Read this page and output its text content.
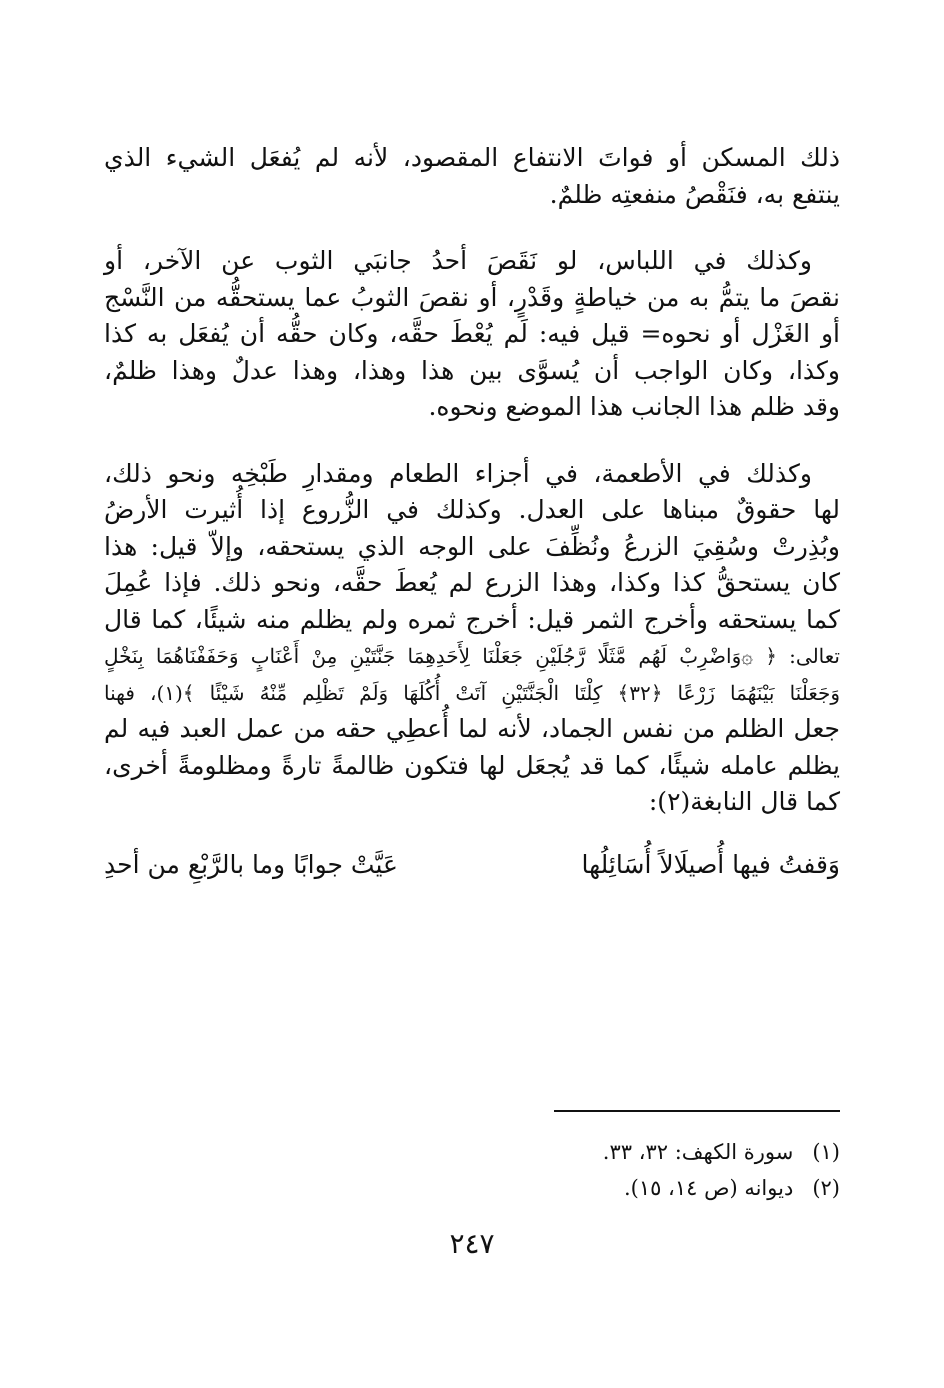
ذلك المسكن أو فواتَ الانتفاع المقصود، لأنه لم يُفعَل الشيء الذي
ينتفع به، فنَقْصُ منفعتِه ظلمٌ.

وكذلك في اللباس، لو نَقَصَ أحدُ جانبَي الثوب عن الآخر، أو
نقصَ ما يتمُّ به من خياطةٍ وقَدْرٍ، أو نقصَ الثوبُ عما يستحقُّه من النَّسْج
أو الغَزْل أو نحوه= قيل فيه: لَم يُعْطَ حقَّه، وكان حقُّه أن يُفعَل به كذا
وكذا، وكان الواجب أن يُسوَّى بين هذا وهذا، وهذا عدلٌ وهذا ظلمٌ،
وقد ظلم هذا الجانب هذا الموضع ونحوه.

وكذلك في الأطعمة، في أجزاء الطعام ومقدارِ طَبْخِه ونحو ذلك،
لها حقوقٌ مبناها على العدل. وكذلك في الزُّروع إذا أُثيرت الأرضُ
وبُذِرتْ وسُقِيَ الزرعُ ونُظِّفَ على الوجه الذي يستحقه، وإلاّ قيل: هذا
كان يستحقُّ كذا وكذا، وهذا الزرع لم يُعطَ حقَّه، ونحو ذلك. فإذا عُمِلَ
كما يستحقه وأخرج الثمر قيل: أخرج ثمره ولم يظلم منه شيئًا، كما قال
تعالى: ﴿ ۞وَاضْرِبْ لَهُم مَّثَلًا رَّجُلَيْنِ جَعَلْنَا لِأَحَدِهِمَا جَنَّتَيْنِ مِنْ أَعْنَابٍ وَحَفَفْنَاهُمَا بِنَخْلٍ
وَجَعَلْنَا بَيْنَهُمَا زَرْعًا ﴿٣٢﴾ كِلْتَا الْجَنَّتَيْنِ آتَتْ أُكُلَهَا وَلَمْ تَظْلِم مِّنْهُ شَيْئًا ﴾(١)، فهنا
جعل الظلم من نفس الجماد، لأنه لما أُعطِي حقه من عمل العبد فيه لم
يظلم عامله شيئًا، كما قد يُجعَل لها فتكون ظالمةً تارةً ومظلومةً أخرى،
كما قال النابغة(٢):

وَقفتُ فيها أُصيلَالاً أُسَائِلُها
عَيَّتْ جوابًا وما بالرَّبْعِ من أحدِ
(١) سورة الكهف: ٣٢، ٣٣.
(٢) ديوانه (ص ١٤، ١٥).
٢٤٧
